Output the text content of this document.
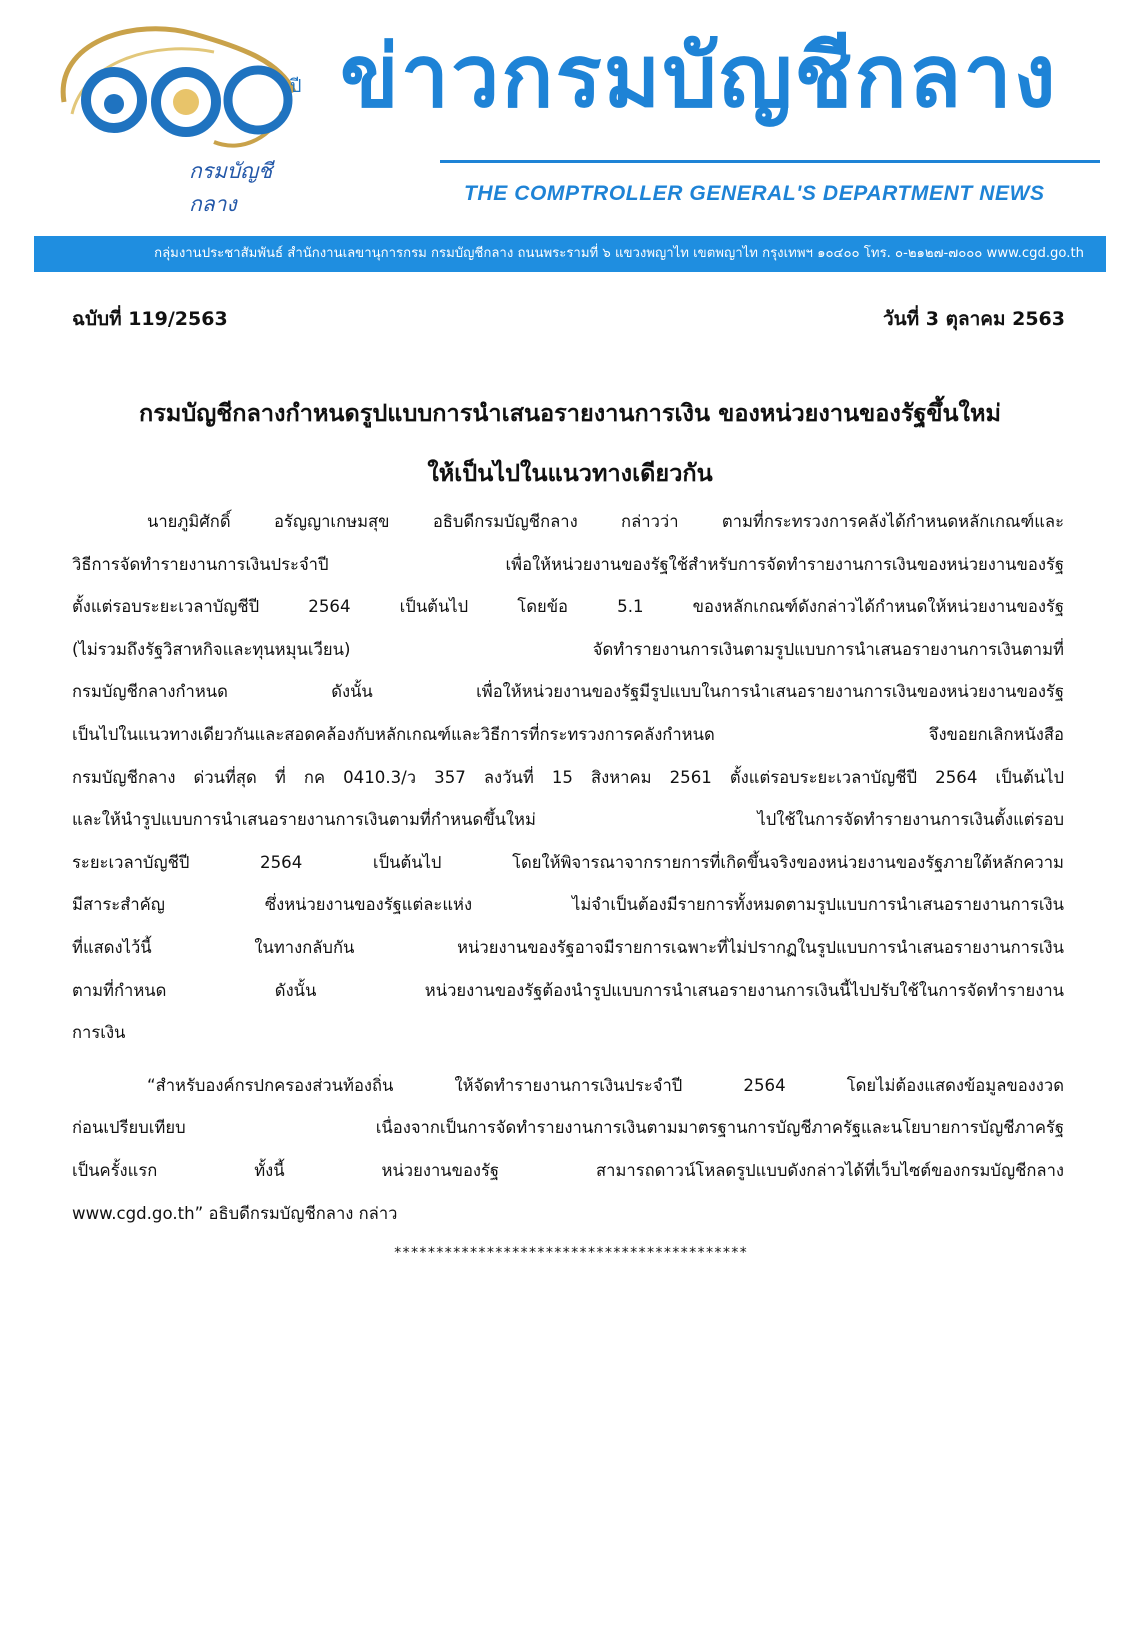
ปี
กรมบัญชีกลาง
ข่าวกรมบัญชีกลาง
THE COMPTROLLER GENERAL'S DEPARTMENT NEWS
กลุ่มงานประชาสัมพันธ์ สำนักงานเลขานุการกรม กรมบัญชีกลาง ถนนพระรามที่ ๖ แขวงพญาไท เขตพญาไท กรุงเทพฯ ๑๐๔๐๐ โทร. ๐-๒๑๒๗-๗๐๐๐ www.cgd.go.th
ฉบับที่ 119/2563	วันที่ 3 ตุลาคม 2563
กรมบัญชีกลางกำหนดรูปแบบการนำเสนอรายงานการเงิน ของหน่วยงานของรัฐขึ้นใหม่
ให้เป็นไปในแนวทางเดียวกัน
นายภูมิศักดิ์ อรัญญาเกษมสุข อธิบดีกรมบัญชีกลาง กล่าวว่า ตามที่กระทรวงการคลังได้กำหนดหลักเกณฑ์และ
วิธีการจัดทำรายงานการเงินประจำปี เพื่อให้หน่วยงานของรัฐใช้สำหรับการจัดทำรายงานการเงินของหน่วยงานของรัฐ
ตั้งแต่รอบระยะเวลาบัญชีปี 2564 เป็นต้นไป โดยข้อ 5.1 ของหลักเกณฑ์ดังกล่าวได้กำหนดให้หน่วยงานของรัฐ
(ไม่รวมถึงรัฐวิสาหกิจและทุนหมุนเวียน) จัดทำรายงานการเงินตามรูปแบบการนำเสนอรายงานการเงินตามที่
กรมบัญชีกลางกำหนด ดังนั้น เพื่อให้หน่วยงานของรัฐมีรูปแบบในการนำเสนอรายงานการเงินของหน่วยงานของรัฐ
เป็นไปในแนวทางเดียวกันและสอดคล้องกับหลักเกณฑ์และวิธีการที่กระทรวงการคลังกำหนด จึงขอยกเลิกหนังสือ
กรมบัญชีกลาง ด่วนที่สุด ที่ กค 0410.3/ว 357 ลงวันที่ 15 สิงหาคม 2561 ตั้งแต่รอบระยะเวลาบัญชีปี 2564 เป็นต้นไป
และให้นำรูปแบบการนำเสนอรายงานการเงินตามที่กำหนดขึ้นใหม่ ไปใช้ในการจัดทำรายงานการเงินตั้งแต่รอบ
ระยะเวลาบัญชีปี 2564 เป็นต้นไป โดยให้พิจารณาจากรายการที่เกิดขึ้นจริงของหน่วยงานของรัฐภายใต้หลักความ
มีสาระสำคัญ ซึ่งหน่วยงานของรัฐแต่ละแห่ง ไม่จำเป็นต้องมีรายการทั้งหมดตามรูปแบบการนำเสนอรายงานการเงิน
ที่แสดงไว้นี้ ในทางกลับกัน หน่วยงานของรัฐอาจมีรายการเฉพาะที่ไม่ปรากฏในรูปแบบการนำเสนอรายงานการเงิน
ตามที่กำหนด ดังนั้น หน่วยงานของรัฐต้องนำรูปแบบการนำเสนอรายงานการเงินนี้ไปปรับใช้ในการจัดทำรายงาน
การเงิน
“สำหรับองค์กรปกครองส่วนท้องถิ่น ให้จัดทำรายงานการเงินประจำปี 2564 โดยไม่ต้องแสดงข้อมูลของงวด
ก่อนเปรียบเทียบ เนื่องจากเป็นการจัดทำรายงานการเงินตามมาตรฐานการบัญชีภาครัฐและนโยบายการบัญชีภาครัฐ
เป็นครั้งแรก ทั้งนี้ หน่วยงานของรัฐ สามารถดาวน์โหลดรูปแบบดังกล่าวได้ที่เว็บไซต์ของกรมบัญชีกลาง
www.cgd.go.th” อธิบดีกรมบัญชีกลาง กล่าว
******************************************
